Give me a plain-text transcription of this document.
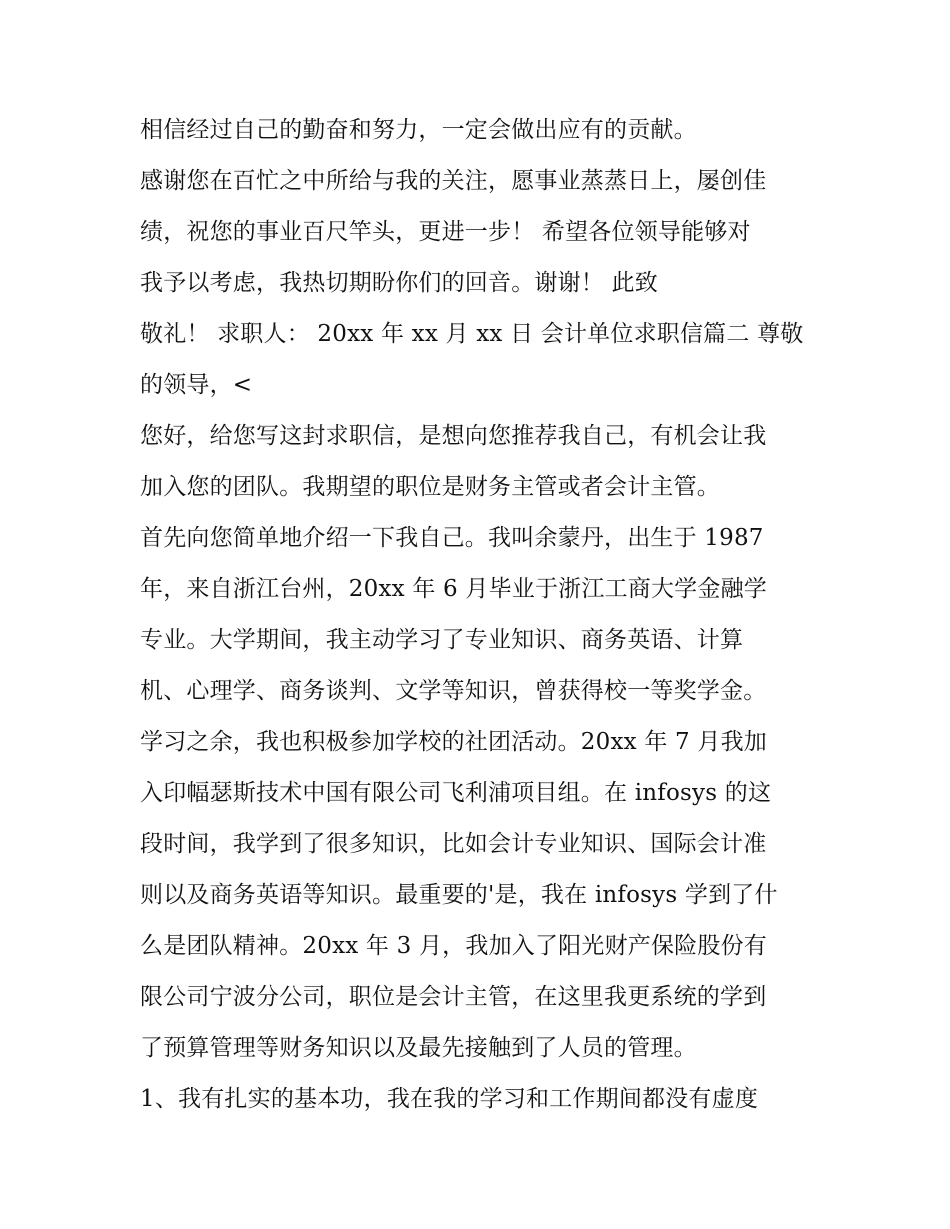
相信经过自己的勤奋和努力，一定会做出应有的贡献。
感谢您在百忙之中所给与我的关注，愿事业蒸蒸日上，屡创佳
绩，祝您的事业百尺竿头，更进一步！ 希望各位领导能够对
我予以考虑，我热切期盼你们的回音。谢谢！ 此致
敬礼！ 求职人： 20xx 年 xx 月 xx 日 会计单位求职信篇二 尊敬
的领导，<
您好，给您写这封求职信，是想向您推荐我自己，有机会让我
加入您的团队。我期望的职位是财务主管或者会计主管。
首先向您简单地介绍一下我自己。我叫余蒙丹，出生于 1987
年，来自浙江台州，20xx 年 6 月毕业于浙江工商大学金融学
专业。大学期间，我主动学习了专业知识、商务英语、计算
机、心理学、商务谈判、文学等知识，曾获得校一等奖学金。
学习之余，我也积极参加学校的社团活动。20xx 年 7 月我加
入印幅瑟斯技术中国有限公司飞利浦项目组。在 infosys 的这
段时间，我学到了很多知识，比如会计专业知识、国际会计准
则以及商务英语等知识。最重要的'是，我在 infosys 学到了什
么是团队精神。20xx 年 3 月，我加入了阳光财产保险股份有
限公司宁波分公司，职位是会计主管，在这里我更系统的学到
了预算管理等财务知识以及最先接触到了人员的管理。
1、我有扎实的基本功，我在我的学习和工作期间都没有虚度
